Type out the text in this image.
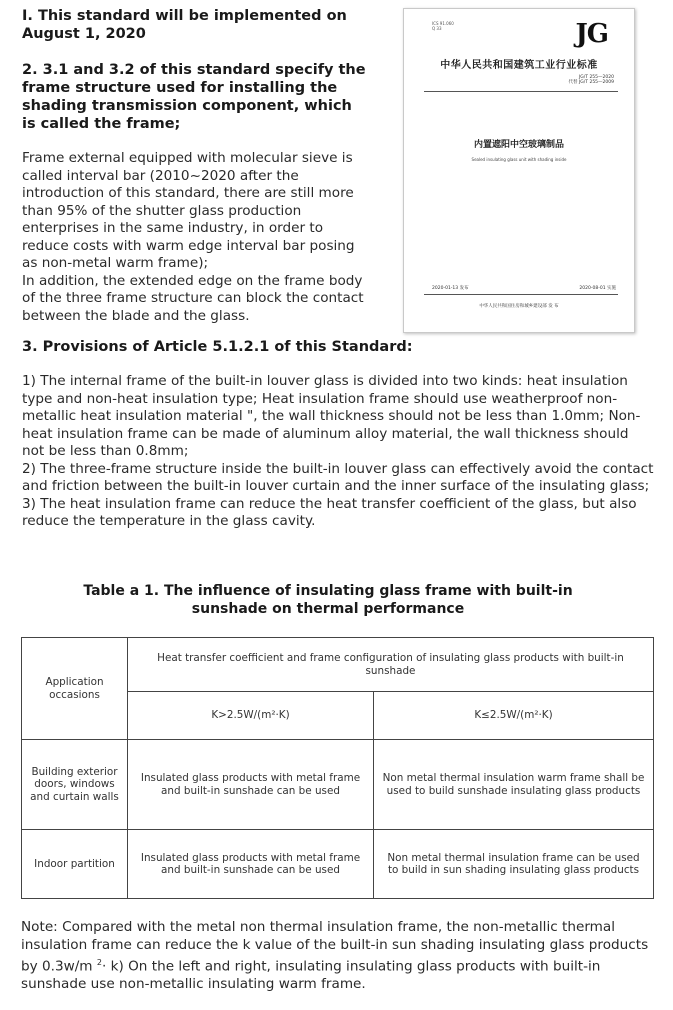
I. This standard will be implemented on August 1, 2020
2. 3.1 and 3.2 of this standard specify the frame structure used for installing the shading transmission component, which is called the frame;
Frame external equipped with molecular sieve is called interval bar (2010~2020 after the introduction of this standard, there are still more than 95% of the shutter glass production enterprises in the same industry, in order to reduce costs with warm edge interval bar posing as non-metal warm frame);
In addition, the extended edge on the frame body of the three frame structure can block the contact between the blade and the glass.
ICS 91.060
Q 33	JG
中华人民共和国建筑工业行业标准
JG/T 255—2020
代替 JG/T 255—2009
内置遮阳中空玻璃制品
Sealed insulating glass unit with shading inside
2020-01-13 发布	2020-08-01 实施
中华人民共和国住房和城乡建设部 发 布
3. Provisions of Article 5.1.2.1 of this Standard:
1) The internal frame of the built-in louver glass is divided into two kinds: heat insulation type and non-heat insulation type; Heat insulation frame should use weatherproof non-metallic heat insulation material ", the wall thickness should not be less than 1.0mm; Non-heat insulation frame can be made of aluminum alloy material, the wall thickness should not be less than 0.8mm;
2) The three-frame structure inside the built-in louver glass can effectively avoid the contact and friction between the built-in louver curtain and the inner surface of the insulating glass;
3) The heat insulation frame can reduce the heat transfer coefficient of the glass, but also reduce the temperature in the glass cavity.
Table a 1. The influence of insulating glass frame with built-in sunshade on thermal performance
Application occasions	Heat transfer coefficient and frame configuration of insulating glass products with built-in sunshade	
	K>2.5W/(m²·K)	K≤2.5W/(m²·K)
Building exterior doors, windows and curtain walls	Insulated glass products with metal frame and built-in sunshade can be used	Non metal thermal insulation warm frame shall be used to build sunshade insulating glass products
Indoor partition	Insulated glass products with metal frame and built-in sunshade can be used	Non metal thermal insulation frame can be used to build in sun shading insulating glass products
Note: Compared with the metal non thermal insulation frame, the non-metallic thermal insulation frame can reduce the k value of the built-in sun shading insulating glass products by 0.3w/m $^2$· k) On the left and right, insulating insulating glass products with built-in sunshade use non-metallic insulating warm frame.
